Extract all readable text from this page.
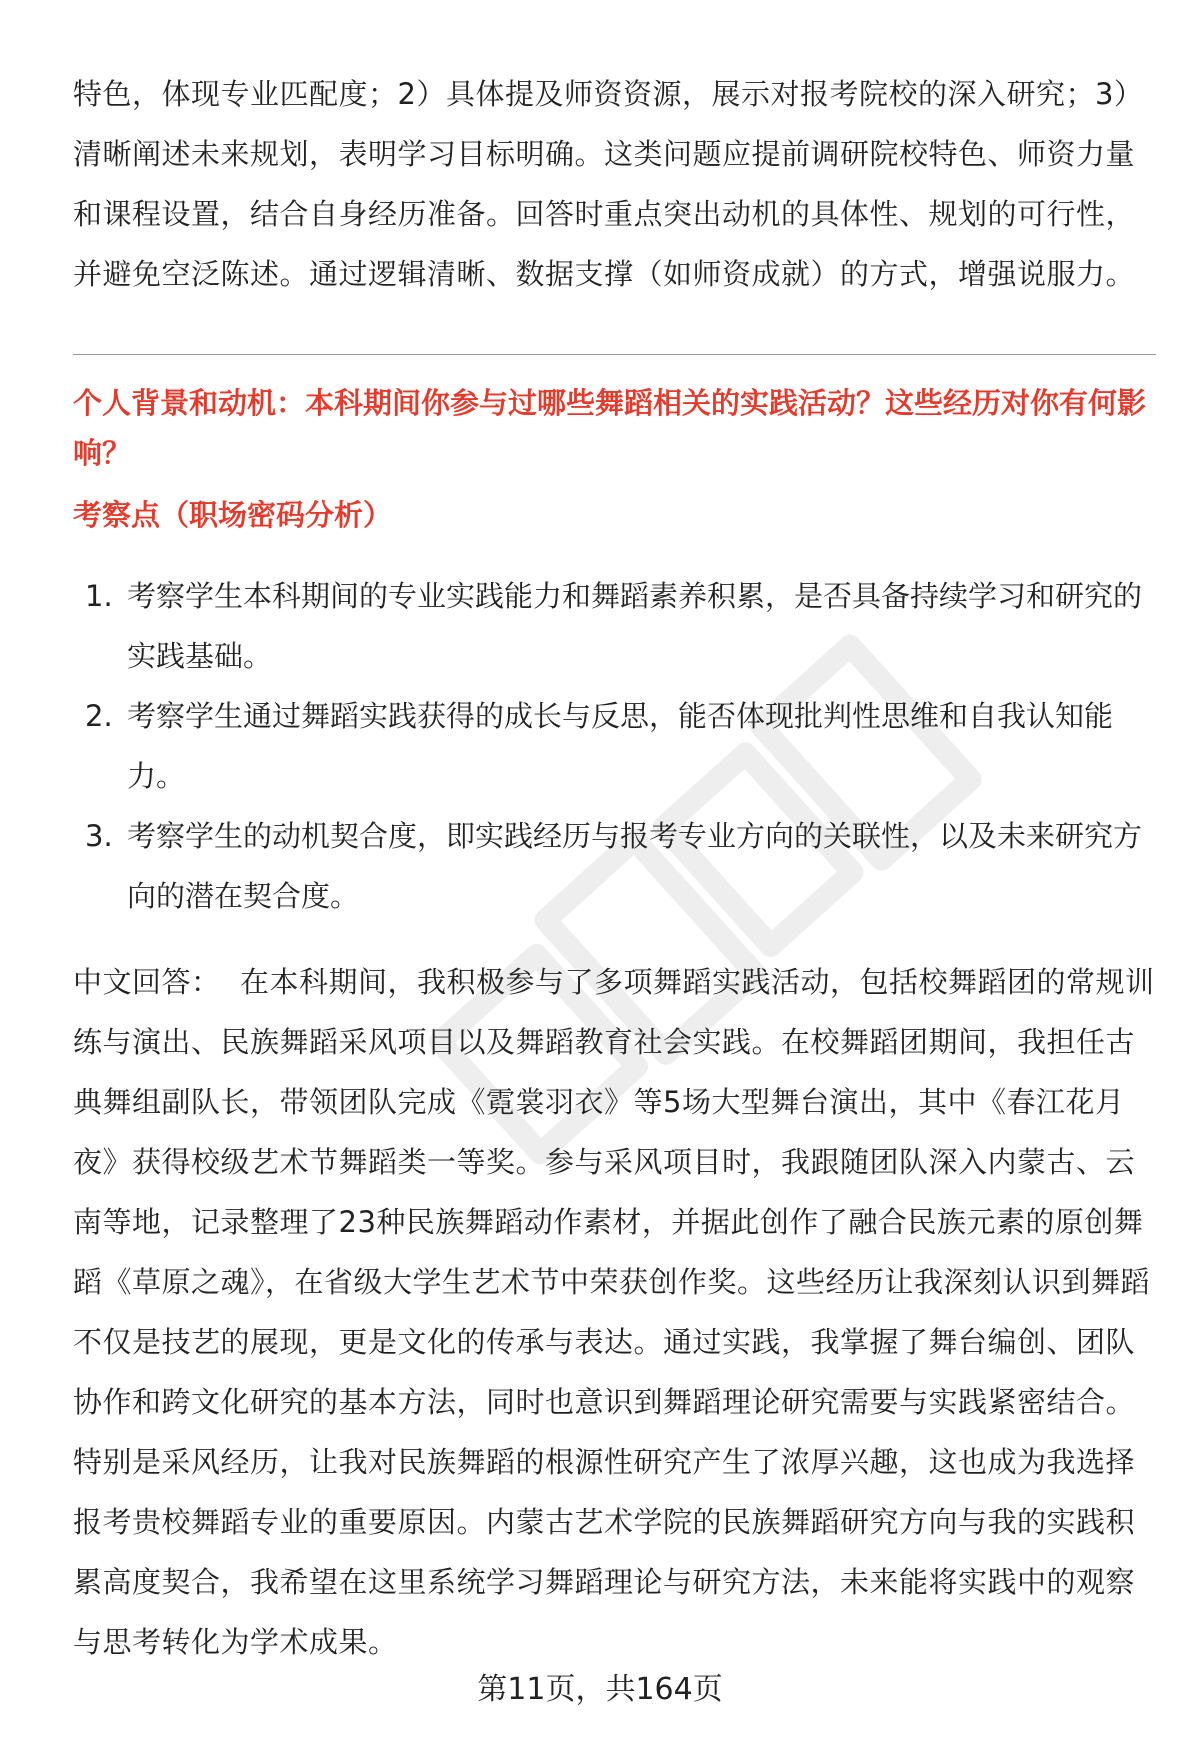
特色，体现专业匹配度；2）具体提及师资资源，展示对报考院校的深入研究；3）清晰阐述未来规划，表明学习目标明确。这类问题应提前调研院校特色、师资力量和课程设置，结合自身经历准备。回答时重点突出动机的具体性、规划的可行性，并避免空泛陈述。通过逻辑清晰、数据支撑（如师资成就）的方式，增强说服力。

个人背景和动机：本科期间你参与过哪些舞蹈相关的实践活动？这些经历对你有何影响？

考察点（职场密码分析）

1. 考察学生本科期间的专业实践能力和舞蹈素养积累，是否具备持续学习和研究的实践基础。
2. 考察学生通过舞蹈实践获得的成长与反思，能否体现批判性思维和自我认知能力。
3. 考察学生的动机契合度，即实践经历与报考专业方向的关联性，以及未来研究方向的潜在契合度。

中文回答： 在本科期间，我积极参与了多项舞蹈实践活动，包括校舞蹈团的常规训练与演出、民族舞蹈采风项目以及舞蹈教育社会实践。在校舞蹈团期间，我担任古典舞组副队长，带领团队完成《霓裳羽衣》等5场大型舞台演出，其中《春江花月夜》获得校级艺术节舞蹈类一等奖。参与采风项目时，我跟随团队深入内蒙古、云南等地，记录整理了23种民族舞蹈动作素材，并据此创作了融合民族元素的原创舞蹈《草原之魂》，在省级大学生艺术节中荣获创作奖。这些经历让我深刻认识到舞蹈不仅是技艺的展现，更是文化的传承与表达。通过实践，我掌握了舞台编创、团队协作和跨文化研究的基本方法，同时也意识到舞蹈理论研究需要与实践紧密结合。特别是采风经历，让我对民族舞蹈的根源性研究产生了浓厚兴趣，这也成为我选择报考贵校舞蹈专业的重要原因。内蒙古艺术学院的民族舞蹈研究方向与我的实践积累高度契合，我希望在这里系统学习舞蹈理论与研究方法，未来能将实践中的观察与思考转化为学术成果。

第11页，共164页
